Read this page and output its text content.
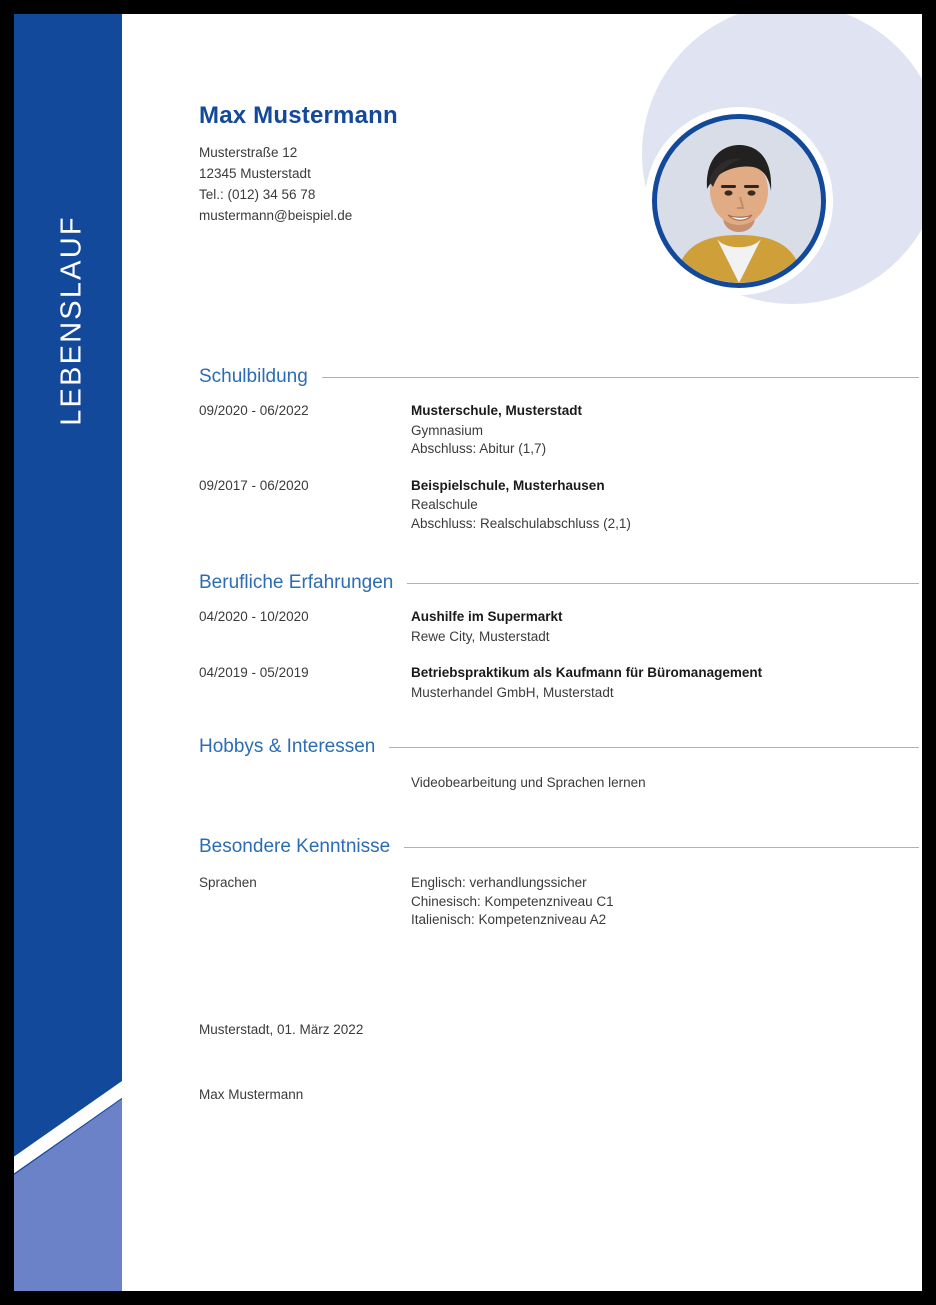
LEBENSLAUF
Max Mustermann
Musterstraße 12
12345 Musterstadt
Tel.: (012) 34 56 78
mustermann@beispiel.de
Schulbildung
09/2020 - 06/2022	Musterschule, Musterstadt
Gymnasium
Abschluss: Abitur (1,7)
09/2017 - 06/2020	Beispielschule, Musterhausen
Realschule
Abschluss: Realschulabschluss (2,1)
Berufliche Erfahrungen
04/2020 - 10/2020	Aushilfe im Supermarkt
Rewe City, Musterstadt
04/2019 - 05/2019	Betriebspraktikum als Kaufmann für Büromanagement
Musterhandel GmbH, Musterstadt
Hobbys & Interessen
Videobearbeitung und Sprachen lernen
Besondere Kenntnisse
Sprachen	Englisch: verhandlungssicher
Chinesisch: Kompetenzniveau C1
Italienisch: Kompetenzniveau A2
Musterstadt, 01. März 2022
Max Mustermann
